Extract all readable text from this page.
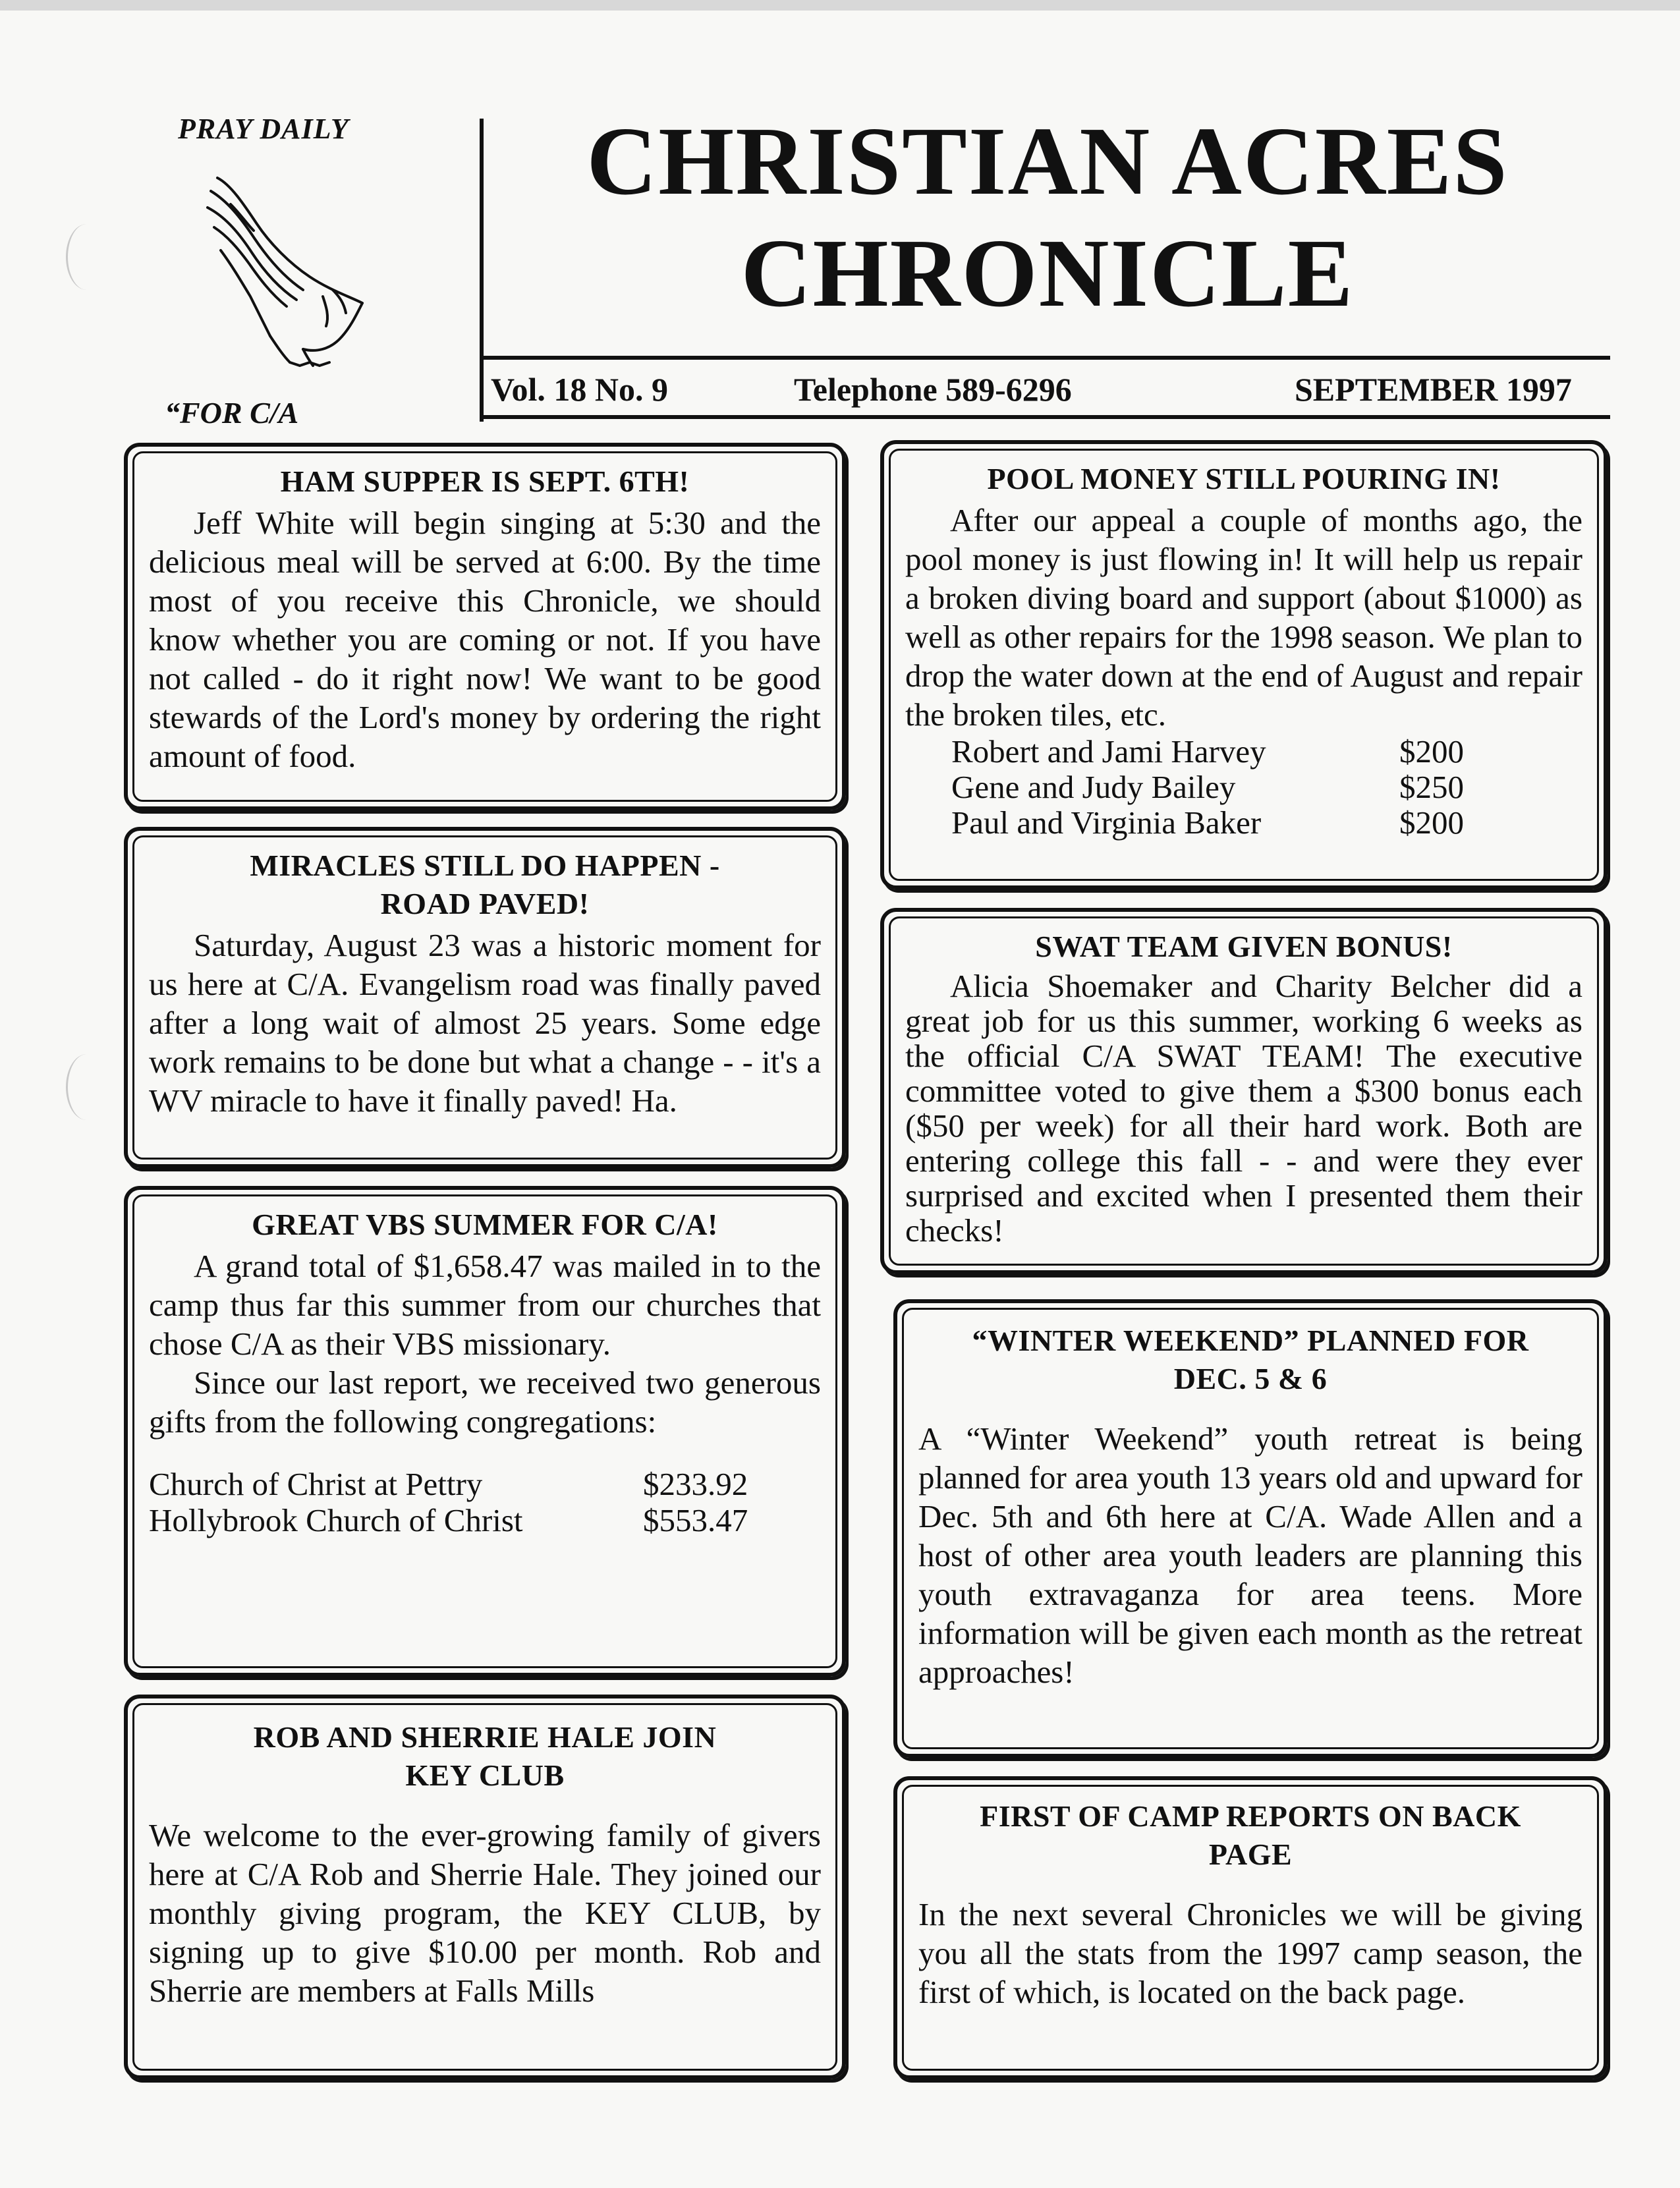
PRAY DAILY
“FOR C/A
CHRISTIAN ACRES
CHRONICLE
Vol. 18 No. 9	Telephone 589-6296	SEPTEMBER 1997
HAM SUPPER IS SEPT. 6TH!

Jeff White will begin singing at 5:30 and the delicious meal will be served at 6:00. By the time most of you receive this Chronicle, we should know whether you are coming or not. If you have not called - do it right now! We want to be good stewards of the Lord's money by ordering the right amount of food.

MIRACLES STILL DO HAPPEN -
ROAD PAVED!

Saturday, August 23 was a historic moment for us here at C/A. Evangelism road was finally paved after a long wait of almost 25 years. Some edge work remains to be done but what a change - - it's a WV miracle to have it finally paved! Ha.

GREAT VBS SUMMER FOR C/A!

A grand total of $1,658.47 was mailed in to the camp thus far this summer from our churches that chose C/A as their VBS missionary.

Since our last report, we received two generous gifts from the following congregations:

Church of Christ at Pettry	$233.92
Hollybrook Church of Christ	$553.47
ROB AND SHERRIE HALE JOIN
KEY CLUB

We welcome to the ever-growing family of givers here at C/A Rob and Sherrie Hale. They joined our monthly giving program, the KEY CLUB, by signing up to give $10.00 per month. Rob and Sherrie are members at Falls Mills

POOL MONEY STILL POURING IN!

After our appeal a couple of months ago, the pool money is just flowing in! It will help us repair a broken diving board and support (about $1000) as well as other repairs for the 1998 season. We plan to drop the water down at the end of August and repair the broken tiles, etc.

Robert and Jami Harvey	$200
Gene and Judy Bailey	$250
Paul and Virginia Baker	$200
SWAT TEAM GIVEN BONUS!

Alicia Shoemaker and Charity Belcher did a great job for us this summer, working 6 weeks as the official C/A SWAT TEAM! The executive committee voted to give them a $300 bonus each ($50 per week) for all their hard work. Both are entering college this fall - - and were they ever surprised and excited when I presented them their checks!

“WINTER WEEKEND” PLANNED FOR
DEC. 5 & 6

A “Winter Weekend” youth retreat is being planned for area youth 13 years old and upward for Dec. 5th and 6th here at C/A. Wade Allen and a host of other area youth leaders are planning this youth extravaganza for area teens. More information will be given each month as the retreat approaches!

FIRST OF CAMP REPORTS ON BACK
PAGE

In the next several Chronicles we will be giving you all the stats from the 1997 camp season, the first of which, is located on the back page.
